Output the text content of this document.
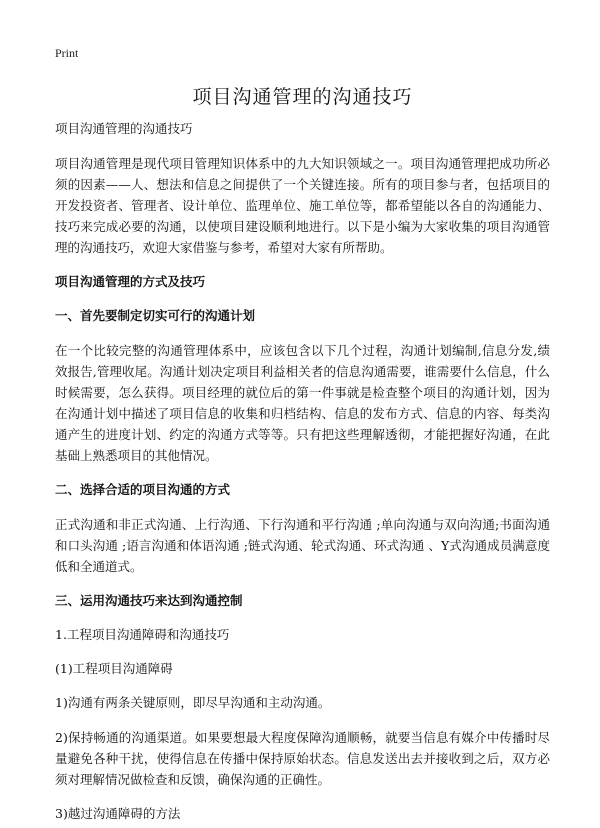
Print
项目沟通管理的沟通技巧
项目沟通管理的沟通技巧

项目沟通管理是现代项目管理知识体系中的九大知识领域之一。项目沟通管理把成功所必须的因素——人、想法和信息之间提供了一个关键连接。所有的项目参与者，包括项目的开发投资者、管理者、设计单位、监理单位、施工单位等，都希望能以各自的沟通能力、技巧来完成必要的沟通，以使项目建设顺利地进行。以下是小编为大家收集的项目沟通管理的沟通技巧，欢迎大家借鉴与参考，希望对大家有所帮助。

项目沟通管理的方式及技巧
一、首先要制定切实可行的沟通计划

在一个比较完整的沟通管理体系中，应该包含以下几个过程，沟通计划编制,信息分发,绩效报告,管理收尾。沟通计划决定项目利益相关者的信息沟通需要，谁需要什么信息，什么时候需要，怎么获得。项目经理的就位后的第一件事就是检查整个项目的沟通计划，因为在沟通计划中描述了项目信息的收集和归档结构、信息的发布方式、信息的内容、每类沟通产生的进度计划、约定的沟通方式等等。只有把这些理解透彻，才能把握好沟通，在此基础上熟悉项目的其他情况。

二、选择合适的项目沟通的方式

正式沟通和非正式沟通、上行沟通、下行沟通和平行沟通 ;单向沟通与双向沟通;书面沟通和口头沟通 ;语言沟通和体语沟通 ;链式沟通、轮式沟通、环式沟通 、Y式沟通成员满意度低和全通道式。

三、运用沟通技巧来达到沟通控制
1.工程项目沟通障碍和沟通技巧
(1)工程项目沟通障碍
1)沟通有两条关键原则，即尽早沟通和主动沟通。

2)保持畅通的沟通渠道。如果要想最大程度保障沟通顺畅，就要当信息有媒介中传播时尽量避免各种干扰，使得信息在传播中保持原始状态。信息发送出去并接收到之后，双方必须对理解情况做检查和反馈，确保沟通的正确性。

3)越过沟通障碍的方法
